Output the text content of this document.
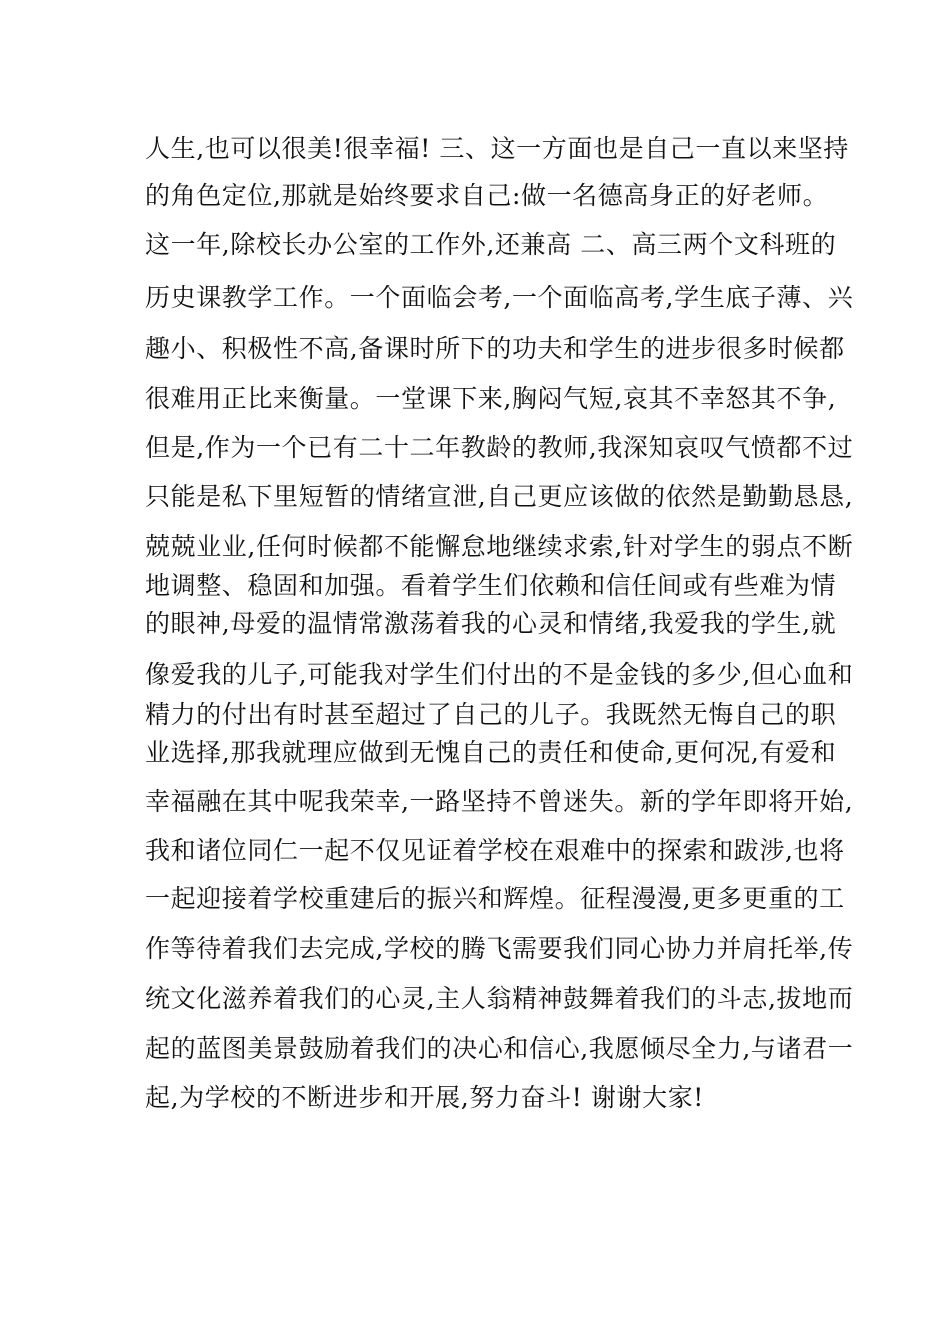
人生,也可以很美!很幸福! 三、这一方面也是自己一直以来坚持
的角色定位,那就是始终要求自己:做一名德高身正的好老师。
这一年,除校长办公室的工作外,还兼高 二、高三两个文科班的
历史课教学工作。一个面临会考,一个面临高考,学生底子薄、兴
趣小、积极性不高,备课时所下的功夫和学生的进步很多时候都
很难用正比来衡量。一堂课下来,胸闷气短,哀其不幸怒其不争,
但是,作为一个已有二十二年教龄的教师,我深知哀叹气愤都不过
只能是私下里短暂的情绪宣泄,自己更应该做的依然是勤勤恳恳,
兢兢业业,任何时候都不能懈怠地继续求索,针对学生的弱点不断
地调整、稳固和加强。看着学生们依赖和信任间或有些难为情
的眼神,母爱的温情常激荡着我的心灵和情绪,我爱我的学生,就
像爱我的儿子,可能我对学生们付出的不是金钱的多少,但心血和
精力的付出有时甚至超过了自己的儿子。我既然无悔自己的职
业选择,那我就理应做到无愧自己的责任和使命,更何况,有爱和
幸福融在其中呢我荣幸,一路坚持不曾迷失。新的学年即将开始,
我和诸位同仁一起不仅见证着学校在艰难中的探索和跋涉,也将
一起迎接着学校重建后的振兴和辉煌。征程漫漫,更多更重的工
作等待着我们去完成,学校的腾飞需要我们同心协力并肩托举,传
统文化滋养着我们的心灵,主人翁精神鼓舞着我们的斗志,拔地而
起的蓝图美景鼓励着我们的决心和信心,我愿倾尽全力,与诸君一
起,为学校的不断进步和开展,努力奋斗! 谢谢大家!
